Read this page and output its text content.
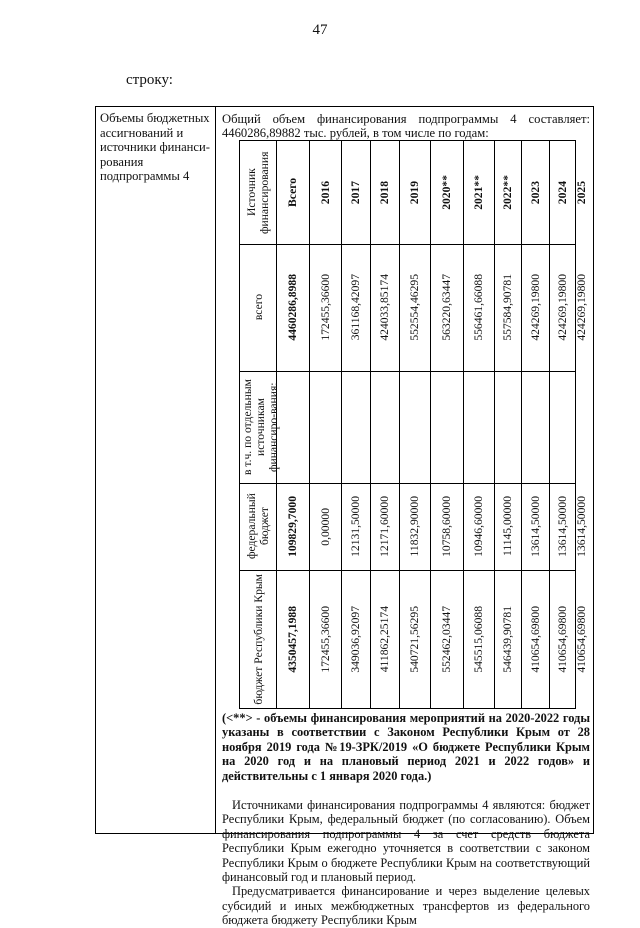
47
строку:
Объемы бюджетных ассигнований и источники финанси-рования подпрограммы 4
Общий объем финансирования подпрограммы 4 составляет:
4460286,89882 тыс. рублей, в том числе по годам:
Источник финансирования
всего
в т.ч. по отдельным источникам финансиро-вания:
федеральный бюджет
бюджет Республики Крым
Всего
4460286,8988
109829,7000
4350457,1988
2016
172455,36600
0,00000
172455,36600
2017
361168,42097
12131,50000
349036,92097
2018
424033,85174
12171,60000
411862,25174
2019
552554,46295
11832,90000
540721,56295
2020**
563220,63447
10758,60000
552462,03447
2021**
556461,66088
10946,60000
545515,06088
2022**
557584,90781
11145,00000
546439,90781
2023
424269,19800
13614,50000
410654,69800
2024
424269,19800
13614,50000
410654,69800
2025
424269,19800
13614,50000
410654,69800
(<**> - объемы финансирования мероприятий на 2020-2022 годы указаны в соответствии с Законом Республики Крым от 28 ноября 2019 года №19-ЗРК/2019 «О бюджете Республики Крым на 2020 год и на плановый период 2021 и 2022 годов» и действительны с 1 января 2020 года.)

Источниками финансирования подпрограммы 4 являются: бюджет Республики Крым, федеральный бюджет (по согласованию). Объем финансирования подпрограммы 4 за счет средств бюджета Республики Крым ежегодно уточняется в соответствии с законом Республики Крым о бюджете Республики Крым на соответствующий финансовый год и плановый период.

Предусматривается финансирование и через выделение целевых субсидий и иных межбюджетных трансфертов из федерального бюджета бюджету Республики Крым
